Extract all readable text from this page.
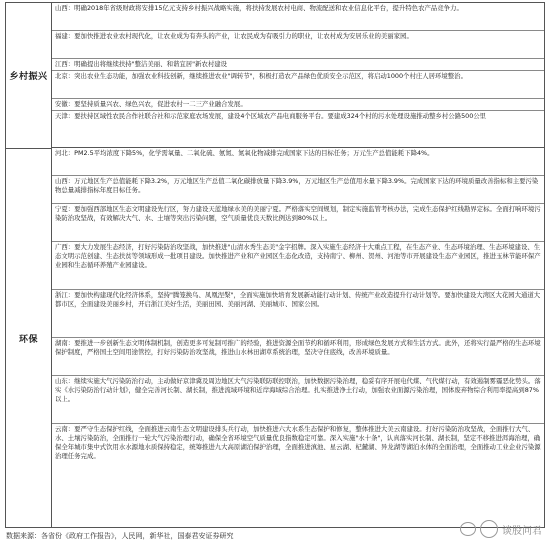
乡村振兴
环保
山西：明确2018年省级财政将安排15亿元支持乡村振兴战略实施，将扶持发展农村电商、物流配送和农业信息化平台，提升特色农产品竞争力。
福建：要加快推进农业农村现代化，让农业成为有奔头的产业，让农民成为有吸引力的职业，让农村成为安居乐业的美丽家园。
江西：明确提出将继续扶持"整洁美丽、和谐宜居"新农村建设
北京：突出农业生态功能，加强农业科技创新，继续推进农业"调转节"，积极打造农产品绿色优质安全示范区，将启动1000个村庄人居环境整治。
安徽：要坚持质量兴农、绿色兴农，促进农村一二三产业融合发展。
天津：要扶持区域性农民合作社联合社和示范家庭农场发展，建设4个区域农产品电商服务平台。要建成324个村的污水处理设施推动整乡村公路500公里
河北：PM2.5平均浓度下降5%，化学需氧量、二氧化硫、氨氮、氮氧化物减排完成国家下达的目标任务；万元生产总值能耗下降4%。
山西：万元地区生产总值能耗下降3.2%，万元地区生产总值二氧化碳排放量下降3.9%，万元地区生产总值用水量下降3.9%。完成国家下达的环境质量改善指标和主要污染物总量减排指标年度目标任务。
宁夏：要加强西部地区生态文明建设先行区，努力建设天蓝地绿水美的美丽宁夏。严格落实空间规划，制定实施监管考核办法，完成生态保护红线勘界定标。全面打响环境污染防治攻坚战，有效解决大气、水、土壤等突出污染问题，空气质量优良天数比例达到80%以上。
广西：要大力发展生态经济，打好污染防治攻坚战，加快推进"山清水秀生态美"金字招牌。深入实施生态经济十大重点工程，在生态产业、生态环境治理、生态环境建设、生态文明示范创建、生态扶贫等领域形成一批项目建设。加快推进产业和产业园区生态化改造，支持南宁、柳州、贺州、河池等市开展建设生态产业园区，推进玉林节能环保产业园和生态循环养殖产业园建设。
浙江：要加快构建现代化经济体系，坚持"腾笼换鸟、凤凰涅槃"，全面实施加快培育发展新动能行动计划、传统产业改造提升行动计划等。要加快建设大湾区大花园大通道大都市区，全面建设美丽乡村，开启浙江美好生活，美丽田园、美丽河湖、美丽城市、国家公园。
湖南：要推进一步创新生态文明体制机制，创造更多可复制可推广的经验，推进资源全面节约和循环利用，形成绿色发展方式和生活方式。此外，还将实行最严格的生态环境保护制度，严格国土空间用途管控，打好污染防治攻坚战，推进山水林田湖草系统治理，坚决守住底线，改善环境质量。
山东：继续实施大气污染防治行动，主动做好京津冀及周边地区大气污染联防联控联治，加快数据污染治理，稳妥有序开展电代煤、气代煤行动，有效遏制雾霾恶化势头。落实《水污染防治行动计划》，健全完善河长制、湖长制，推进流域环境和近岸海域综合治理。扎实推进净土行动，加强农业面源污染治理，国体废弃物综合利用率提高到87%以上。
云南：要严守生态保护红线，全面推进云南生态文明建设排头兵行动，加快推进六大水系生态保护和修复，整体推进大美云南建设。打好污染防治攻坚战，全面推行大气、水、土壤污染防治，全面推行一轮大气污染治理行动，确保全省环境空气质量优良指数稳定可靠。深入实施"水十条"，认真落实河长制、湖长制，坚定不移推进洱海治理，确保全年城市集中式饮用水水源地水质保持稳定，统筹推进九大高原湖泊保护治理，全面推进滇池、星云湖、杞麓湖、异龙湖等湖泊水体的全面治理，全面推动工业企业污染源治理任务完成。
谈股问君
数据来源：各省份《政府工作报告》，人民网，新华社，国泰君安证券研究
